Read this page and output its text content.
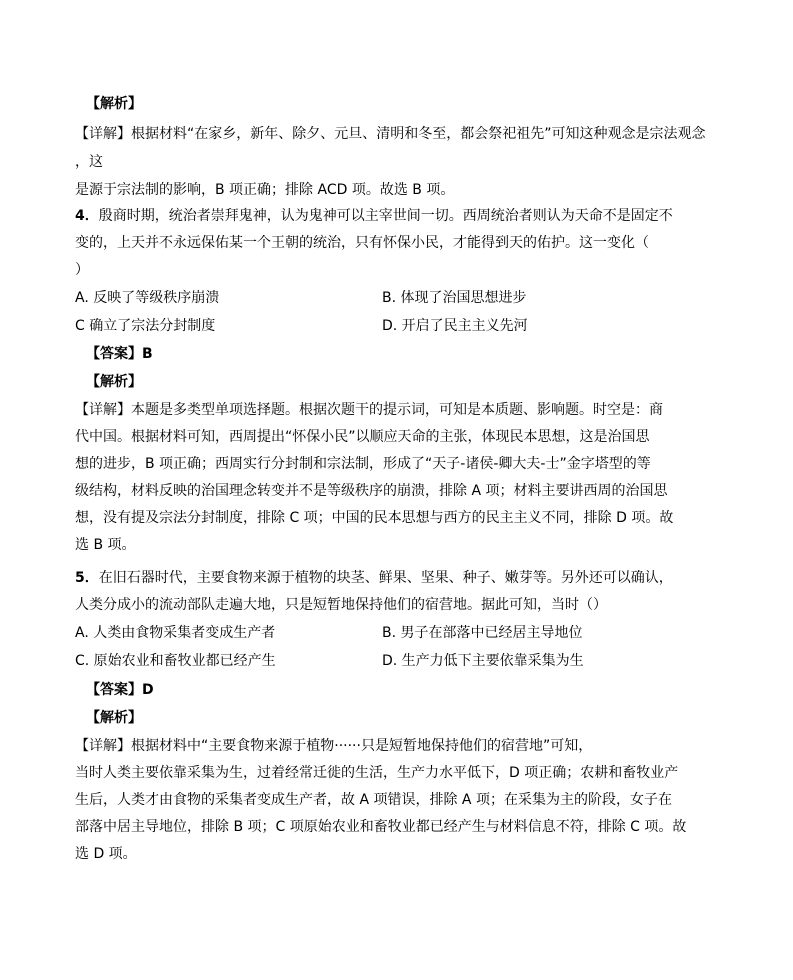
【解析】
【详解】根据材料“在家乡，新年、除夕、元旦、清明和冬至，都会祭祀祖先”可知这种观念是宗法观念
，这
是源于宗法制的影响，B 项正确；排除 ACD 项。故选 B 项。
4．殷商时期，统治者崇拜鬼神，认为鬼神可以主宰世间一切。西周统治者则认为天命不是固定不
变的，上天并不永远保佑某一个王朝的统治，只有怀保小民，才能得到天的佑护。这一变化（
）
A. 反映了等级秩序崩溃	B. 体现了治国思想进步
C 确立了宗法分封制度	D. 开启了民主主义先河
【答案】B
【解析】
【详解】本题是多类型单项选择题。根据次题干的提示词，可知是本质题、影响题。时空是：商
代中国。根据材料可知，西周提出“怀保小民”以顺应天命的主张，体现民本思想，这是治国思
想的进步，B 项正确；西周实行分封制和宗法制，形成了“天子-诸侯-卿大夫-士”金字塔型的等
级结构，材料反映的治国理念转变并不是等级秩序的崩溃，排除 A 项；材料主要讲西周的治国思
想，没有提及宗法分封制度，排除 C 项；中国的民本思想与西方的民主主义不同，排除 D 项。故
选 B 项。
5．在旧石器时代，主要食物来源于植物的块茎、鲜果、坚果、种子、嫩芽等。另外还可以确认，
人类分成小的流动部队走遍大地，只是短暂地保持他们的宿营地。据此可知，当时（）
A. 人类由食物采集者变成生产者	B. 男子在部落中已经居主导地位
C. 原始农业和畜牧业都已经产生	D. 生产力低下主要依靠采集为生
【答案】D
【解析】
【详解】根据材料中“主要食物来源于植物······只是短暂地保持他们的宿营地”可知，
当时人类主要依靠采集为生，过着经常迁徙的生活，生产力水平低下，D 项正确；农耕和畜牧业产
生后，人类才由食物的采集者变成生产者，故 A 项错误，排除 A 项；在采集为主的阶段，女子在
部落中居主导地位，排除 B 项；C 项原始农业和畜牧业都已经产生与材料信息不符，排除 C 项。故
选 D 项。
